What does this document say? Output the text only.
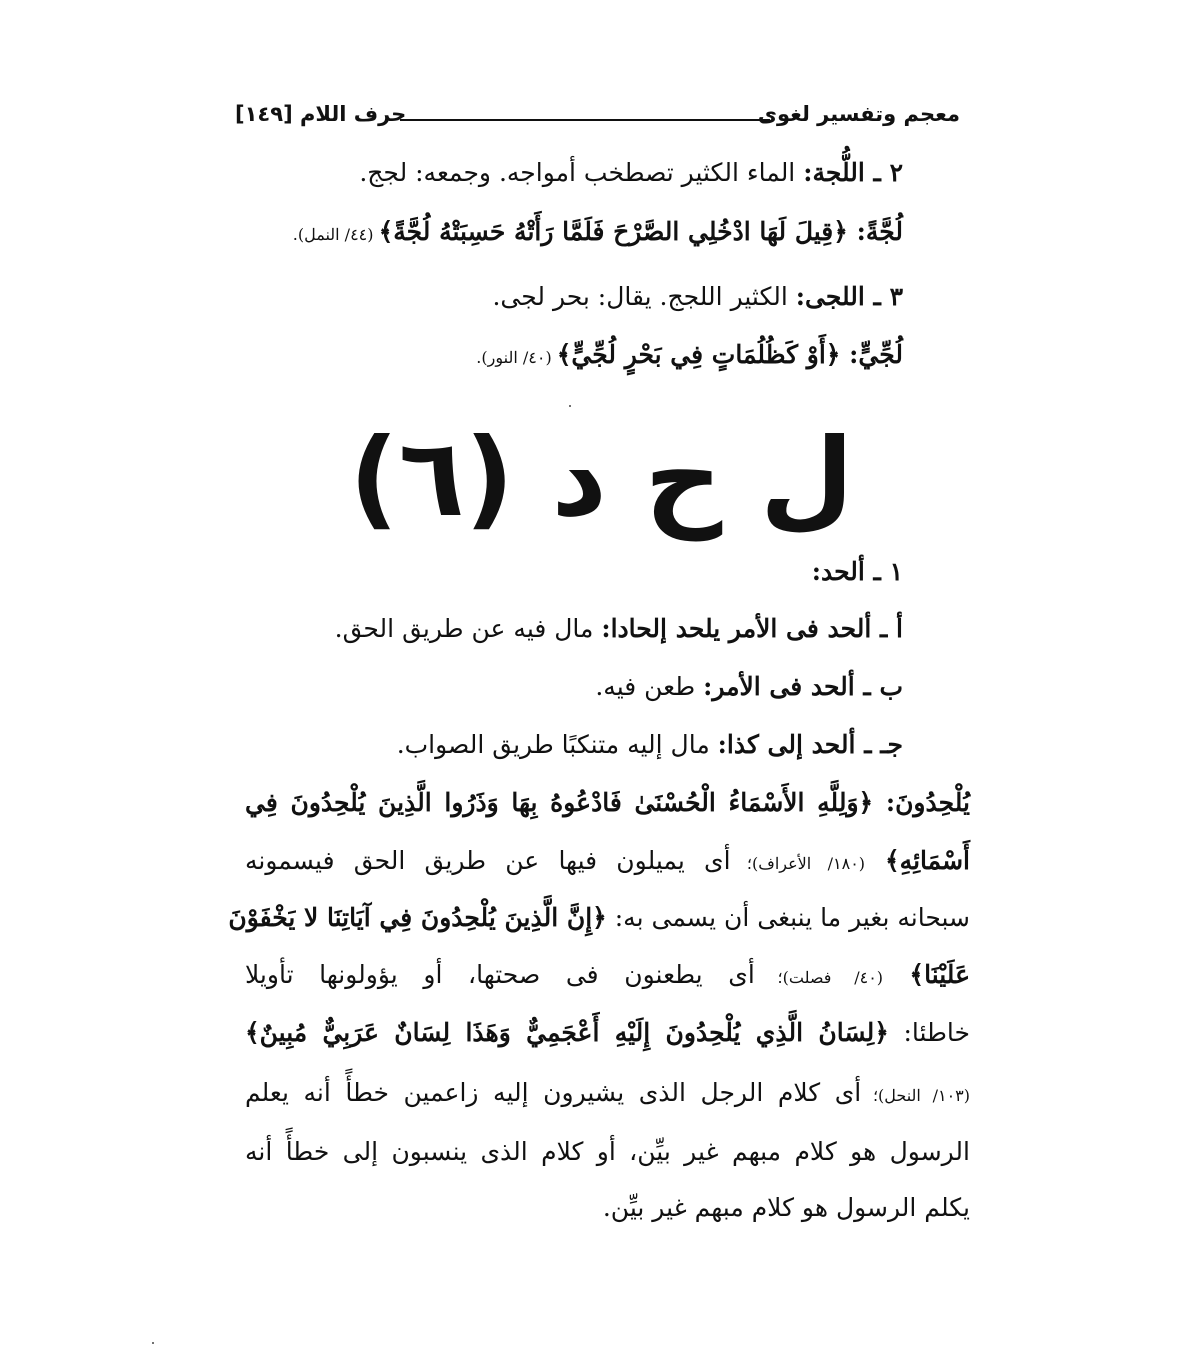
معجم وتفسير لغوى
حرف اللام [١٤٩]
٢ ـ اللُّجة: الماء الكثير تصطخب أمواجه. وجمعه: لجج.
لُجَّةً: ﴿قِيلَ لَهَا ادْخُلِي الصَّرْحَ فَلَمَّا رَأَتْهُ حَسِبَتْهُ لُجَّةً﴾ (٤٤/ النمل).
٣ ـ اللجى: الكثير اللجج. يقال: بحر لجى.
لُجِّيٍّ: ﴿أَوْ كَظُلُمَاتٍ فِي بَحْرٍ لُجِّيٍّ﴾ (٤٠/ النور).
ل ح د (٦)
١ ـ ألحد:
أ ـ ألحد فى الأمر يلحد إلحادا: مال فيه عن طريق الحق.
ب ـ ألحد فى الأمر: طعن فيه.
جـ ـ ألحد إلى كذا: مال إليه متنكبًا طريق الصواب.
يُلْحِدُونَ: ﴿وَلِلَّهِ الأَسْمَاءُ الْحُسْنَىٰ فَادْعُوهُ بِهَا وَذَرُوا الَّذِينَ يُلْحِدُونَ فِي
أَسْمَائِهِ﴾ (١٨٠/ الأعراف)؛ أى يميلون فيها عن طريق الحق فيسمونه
سبحانه بغير ما ينبغى أن يسمى به: ﴿إِنَّ الَّذِينَ يُلْحِدُونَ فِي آيَاتِنَا لا يَخْفَوْنَ
عَلَيْنَا﴾ (٤٠/ فصلت)؛ أى يطعنون فى صحتها، أو يؤولونها تأويلا
خاطئا: ﴿لِسَانُ الَّذِي يُلْحِدُونَ إِلَيْهِ أَعْجَمِيٌّ وَهَذَا لِسَانٌ عَرَبِيٌّ مُبِينٌ﴾
(١٠٣/ النحل)؛ أى كلام الرجل الذى يشيرون إليه زاعمين خطأً أنه يعلم
الرسول هو كلام مبهم غير بيِّن، أو كلام الذى ينسبون إلى خطأً أنه
يكلم الرسول هو كلام مبهم غير بيِّن.
